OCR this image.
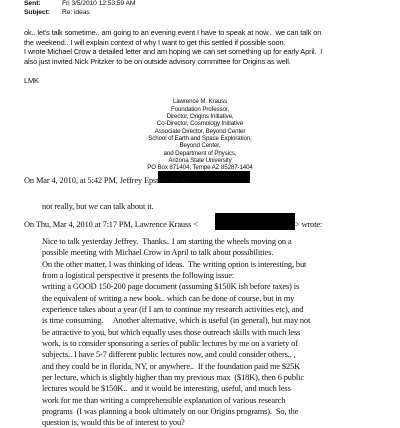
Sent:	Fri 3/5/2010 12:53:59 AM
Subject: Re: ideas
ok.. let's talk sometime.. am going to an evening event I have to speak at now..  we can talk on
the weekend.. I will explain context of why I want to get this settled if possible soon.
I wrote Michael Crow a detailed letter and am hoping we can set something up for early April.  I
also just invited Nick Pritzker to be on outside advisory committee for Origins as well.
LMK
Lawrence M. Krauss
Foundation Professor,
Director, Origins Initiative,
Co-Director, Cosmology Initiative
Associate Director, Beyond Center
School of Earth and Space Exploration,
Beyond Center,
and Department of Physics,
Arizona State University
PO Box 871404, Tempe AZ 85287-1404
On Mar 4, 2010, at 5:42 PM, Jeffrey Epstein wrote:
not really, but we can talk about it.
On Thu, Mar 4, 2010 at 7:17 PM, Lawrence Krauss <	> wrote:
Nice to talk yesterday Jeffrey.  Thanks.. I am starting the wheels moving on a
possible meeting with Michael Crow in April to talk about possibilities.
On the other matter, I was thinking of ideas.  The writing option is interesting, but
from a logistical perspective it presents the following issue:
writing a GOOD 150-200 page document (assuming $150K ish before taxes) is
the equivalent of writing a new book.. which can be done of course, but in my
experience takes about a year (if I am to continue my research activities etc), and
is time consuming.     Another alternative, which is useful (in general), but may not
be attractive to you, but which equally uses those outreach skills with much less
work, is to consider sponsoring a series of public lectures by me on a variety of
subjects.. I have 5-7 different public lectures now, and could consider others.. ,
and they could be in florida, NY, or anywhere..  If the foundation paid me $25K
per lecture, which is slightly higher than my previous max  ($18K), then 6 public
lectures would be $150K..  and it would be interesting, useful, and much less
work for me than writing a comprehensible explanation of various research
programs  (I was planning a book ultimately on our Origins programs).  So, the
question is, would this be of interest to you?
